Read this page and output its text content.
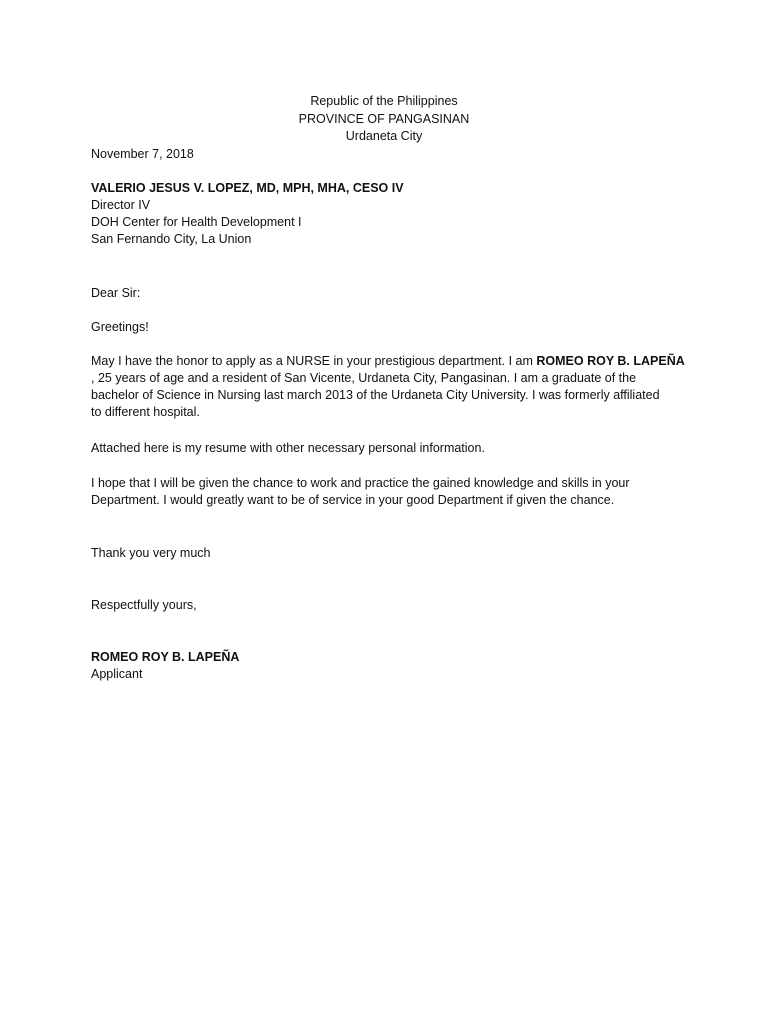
Republic of the Philippines
PROVINCE OF PANGASINAN
Urdaneta City
November 7, 2018
VALERIO JESUS V. LOPEZ, MD, MPH, MHA, CESO IV
Director IV
DOH Center for Health Development I
San Fernando City, La Union
Dear Sir:
Greetings!
May I have the honor to apply as a NURSE in your prestigious department. I am ROMEO ROY B. LAPEÑA
, 25 years of age and a resident of San Vicente, Urdaneta City, Pangasinan. I am a graduate of the
bachelor of Science in Nursing last march 2013 of the Urdaneta City University. I was formerly affiliated
to different hospital.
Attached here is my resume with other necessary personal information.
I hope that I will be given the chance to work and practice the gained knowledge and skills in your
Department. I would greatly want to be of service in your good Department if given the chance.
Thank you very much
Respectfully yours,
ROMEO ROY B. LAPEÑA
Applicant
